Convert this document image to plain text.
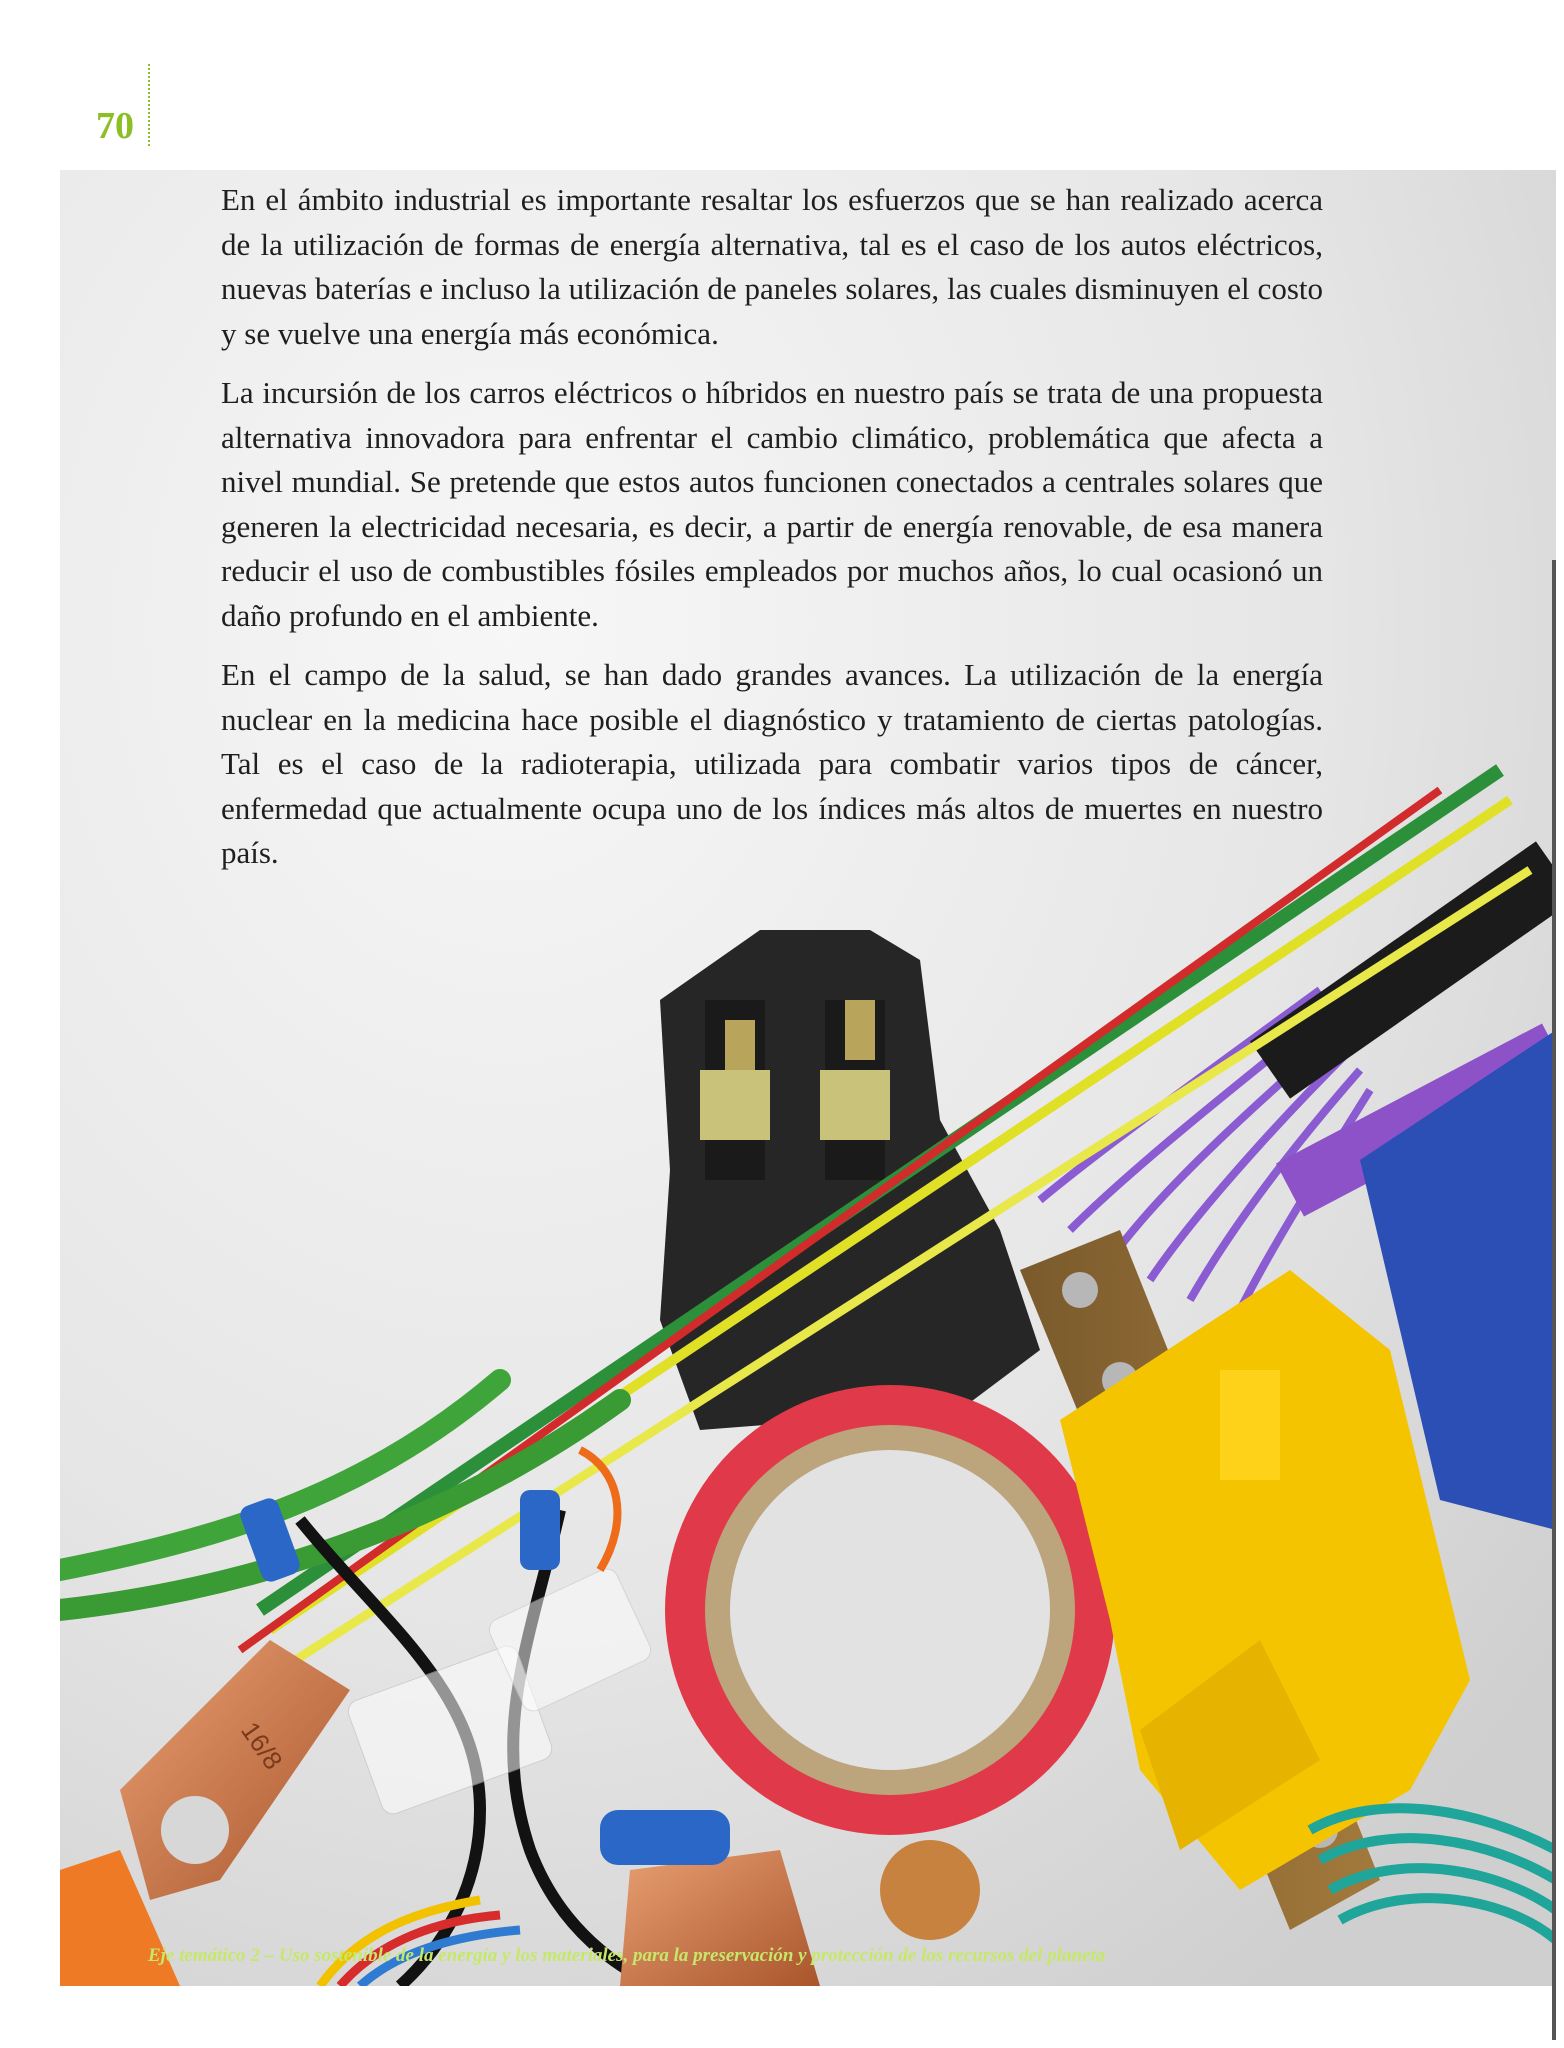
70
16/8

En el ámbito industrial es importante resaltar los esfuerzos que se han realizado acerca de la utilización de formas de energía alternativa, tal es el caso de los autos eléctricos, nuevas baterías e incluso la utilización de paneles solares, las cuales disminuyen el costo y se vuelve una energía más económica.

La incursión de los carros eléctricos o híbridos en nuestro país se trata de una propuesta alternativa innovadora para enfrentar el cambio climático, problemática que afecta a nivel mundial. Se pretende que estos autos funcionen conectados a centrales solares que generen la electricidad necesaria, es decir, a partir de energía renovable, de esa manera reducir el uso de combustibles fósiles empleados por muchos años, lo cual ocasionó un daño profundo en el ambiente.

En el campo de la salud, se han dado grandes avances. La utilización de la energía nuclear en la medicina hace posible el diagnóstico y tratamiento de ciertas patologías. Tal es el caso de la radioterapia, utilizada para combatir varios tipos de cáncer, enfermedad que actualmente ocupa uno de los índices más altos de muertes en nuestro país.

Eje temático 2 – Uso sostenible de la energía y los materiales, para la preservación y protección de los recursos del planeta
